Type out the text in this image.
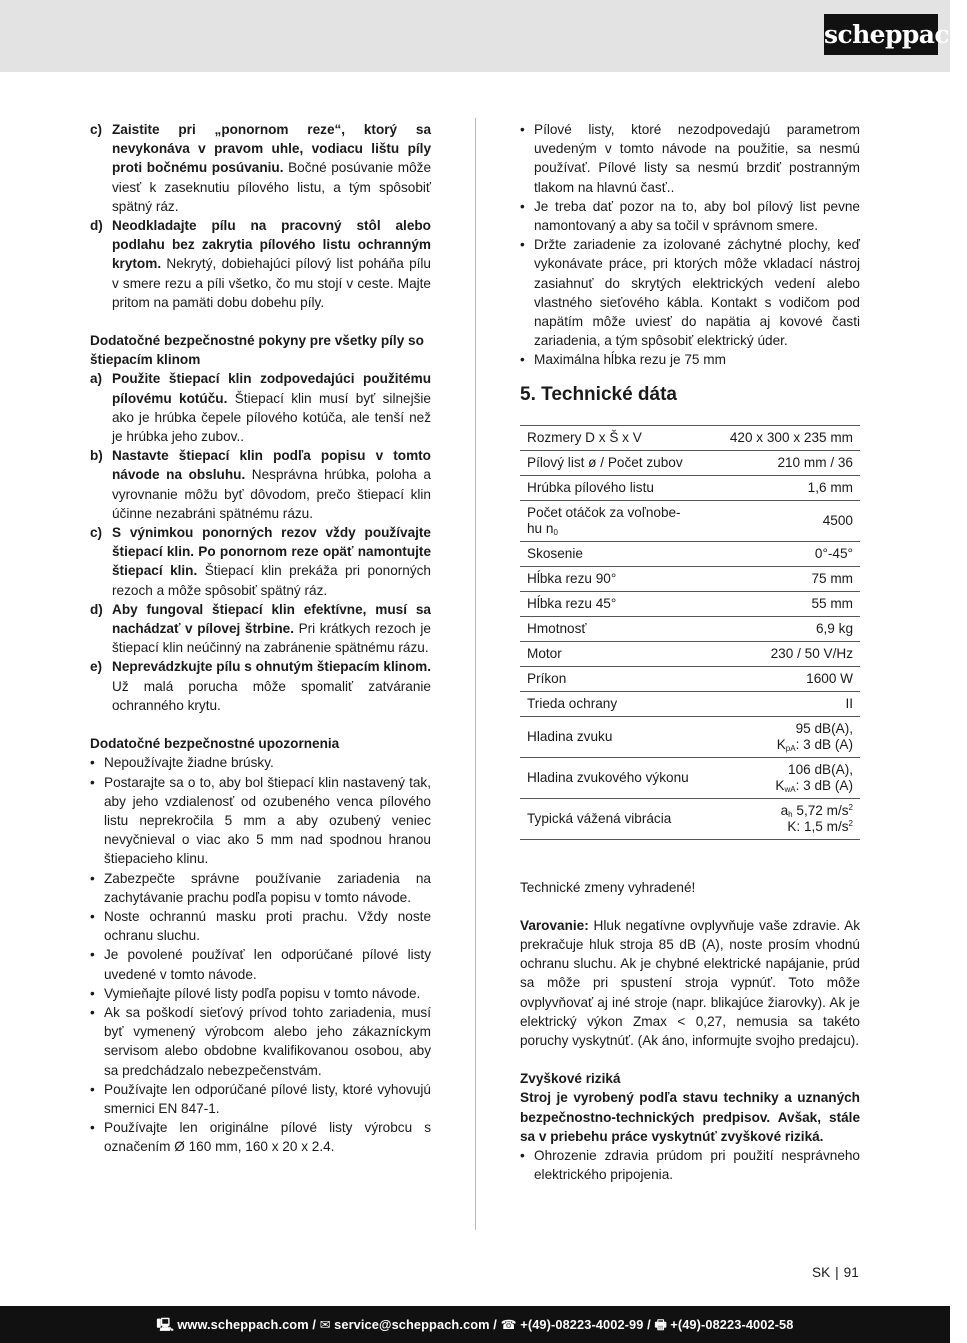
scheppach
c) Zaistite pri „ponornom reze“, ktorý sa nevykonáva v pravom uhle, vodiacu lištu píly proti bočnému posúvaniu. Bočné posúvanie môže viesť k zaseknutiu pílového listu, a tým spôsobiť spätný ráz.
d) Neodkladajte pílu na pracovný stôl alebo podlahu bez zakrytia pílového listu ochranným krytom. Nekrytý, dobiehajúci pílový list poháňa pílu v smere rezu a píli všetko, čo mu stojí v ceste. Majte pritom na pamäti dobu dobehu píly.

Dodatočné bezpečnostné pokyny pre všetky píly so štiepacím klinom

a) Použite štiepací klin zodpovedajúci použitému pílovému kotúču. Štiepací klin musí byť silnejšie ako je hrúbka čepele pílového kotúča, ale tenší než je hrúbka jeho zubov..
b) Nastavte štiepací klin podľa popisu v tomto návode na obsluhu. Nesprávna hrúbka, poloha a vyrovnanie môžu byť dôvodom, prečo štiepací klin účinne nezabráni spätnému rázu.
c) S výnimkou ponorných rezov vždy používajte štiepací klin. Po ponornom reze opäť namontujte štiepací klin. Štiepací klin prekáža pri ponorných rezoch a môže spôsobiť spätný ráz.
d) Aby fungoval štiepací klin efektívne, musí sa nachádzať v pílovej štrbine. Pri krátkych rezoch je štiepací klin neúčinný na zabránenie spätnému rázu.
e) Neprevádzkujte pílu s ohnutým štiepacím klinom. Už malá porucha môže spomaliť zatváranie ochranného krytu.

Dodatočné bezpečnostné upozornenia

• Nepoužívajte žiadne brúsky.
• Postarajte sa o to, aby bol štiepací klin nastavený tak, aby jeho vzdialenosť od ozubeného venca pílového listu neprekročila 5 mm a aby ozubený veniec nevyčnieval o viac ako 5 mm nad spodnou hranou štiepacieho klinu.
• Zabezpečte správne používanie zariadenia na zachytávanie prachu podľa popisu v tomto návode.
• Noste ochrannú masku proti prachu. Vždy noste ochranu sluchu.
• Je povolené používať len odporúčané pílové listy uvedené v tomto návode.
• Vymieňajte pílové listy podľa popisu v tomto návode.
• Ak sa poškodí sieťový prívod tohto zariadenia, musí byť vymenený výrobcom alebo jeho zákazníckym servisom alebo obdobne kvalifikovanou osobou, aby sa predchádzalo nebezpečenstvám.
• Používajte len odporúčané pílové listy, ktoré vyhovujú smernici EN 847-1.
• Používajte len originálne pílové listy výrobcu s označením Ø 160 mm, 160 x 20 x 2.4.
• Pílové listy, ktoré nezodpovedajú parametrom uvedeným v tomto návode na použitie, sa nesmú používať. Pílové listy sa nesmú brzdiť postranným tlakom na hlavnú časť..
• Je treba dať pozor na to, aby bol pílový list pevne namontovaný a aby sa točil v správnom smere.
• Držte zariadenie za izolované záchytné plochy, keď vykonávate práce, pri ktorých môže vkladací nástroj zasiahnuť do skrytých elektrických vedení alebo vlastného sieťového kábla. Kontakt s vodičom pod napätím môže uviesť do napätia aj kovové časti zariadenia, a tým spôsobiť elektrický úder.
• Maximálna hĺbka rezu je 75 mm
5. Technické dáta
Rozmery D x Š x V	420 x 300 x 235 mm
Pílový list ø / Počet zubov	210 mm / 36
Hrúbka pílového listu	1,6 mm
Počet otáčok za voľnobe-
hu $n_0$	4500
Skosenie	0°-45°
Hĺbka rezu 90°	75 mm
Hĺbka rezu 45°	55 mm
Hmotnosť	6,9 kg
Motor	230 / 50 V/Hz
Príkon	1600 W
Trieda ochrany	II
Hladina zvuku	95 dB(A),
$K_{pA}$: 3 dB (A)
Hladina zvukového výkonu	106 dB(A),
$K_{wA}$: 3 dB (A)
Typická vážená vibrácia	$a_h$ 5,72 $m/s^2$
K: 1,5 $m/s^2$

Technické zmeny vyhradené!

Varovanie: Hluk negatívne ovplyvňuje vaše zdravie. Ak prekračuje hluk stroja 85 dB (A), noste prosím vhodnú ochranu sluchu. Ak je chybné elektrické napájanie, prúd sa môže pri spustení stroja vypnúť. Toto môže ovplyvňovať aj iné stroje (napr. blikajúce žiarovky). Ak je elektrický výkon Zmax < 0,27, nemusia sa takéto poruchy vyskytnúť. (Ak áno, informujte svojho predajcu).

Zvyškové riziká

Stroj je vyrobený podľa stavu techniky a uznaných bezpečnostno-technických predpisov. Avšak, stále sa v priebehu práce vyskytnúť zvyškové riziká.

• Ohrozenie zdravia prúdom pri použití nesprávneho elektrického pripojenia.
SK | 91
🖳︎ www.scheppach.com / ✉︎ service@scheppach.com / ☎︎ +(49)-08223-4002-99 / 🖶︎ +(49)-08223-4002-58
